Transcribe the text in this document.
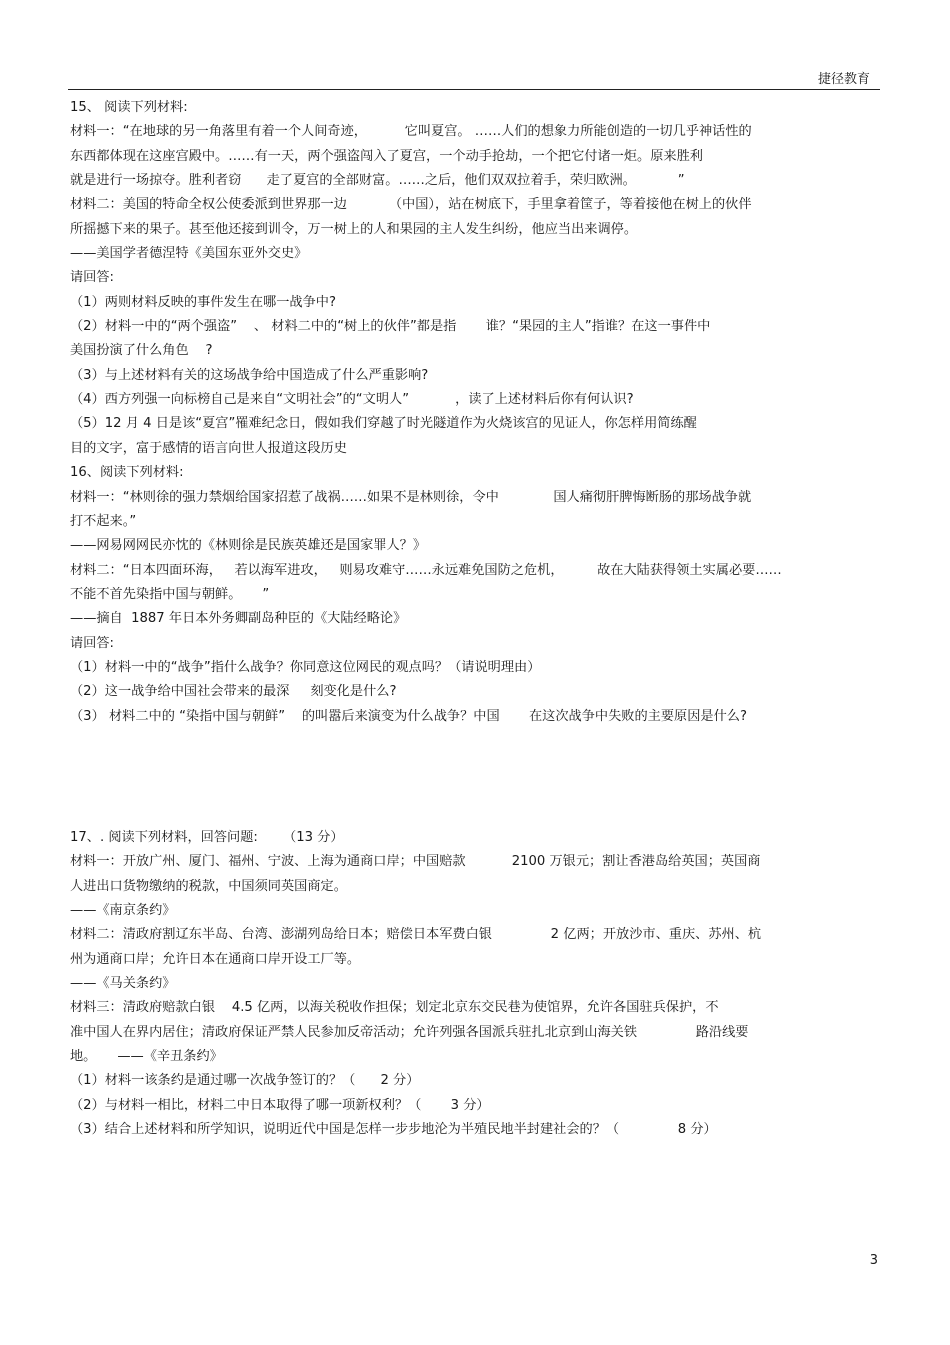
捷径教育
15、 阅读下列材料:
材料一：“在地球的另一角落里有着一个人间奇迹，         它叫夏宫。 ……人们的想象力所能创造的一切几乎神话性的
东西都体现在这座宫殿中。……有一天，两个强盗闯入了夏宫，一个动手抢劫，一个把它付诸一炬。原来胜利
就是进行一场掠夺。胜利者窃      走了夏宫的全部财富。……之后，他们双双拉着手，荣归欧洲。          ”
材料二：美国的特命全权公使委派到世界那一边          （中国），站在树底下，手里拿着筐子，等着接他在树上的伙伴
所摇撼下来的果子。甚至他还接到训令，万一树上的人和果园的主人发生纠纷，他应当出来调停。
——美国学者德涅特《美国东亚外交史》
请回答:
（1）两则材料反映的事件发生在哪一战争中?
（2）材料一中的“两个强盗”    、 材料二中的“树上的伙伴”都是指       谁？“果园的主人”指谁？在这一事件中
美国扮演了什么角色    ?
（3）与上述材料有关的这场战争给中国造成了什么严重影响?
（4）西方列强一向标榜自己是来自“文明社会”的“文明人”           ，读了上述材料后你有何认识?
（5）12 月 4 日是该“夏宫”罹难纪念日，假如我们穿越了时光隧道作为火烧该宫的见证人，你怎样用简练醒
目的文字，富于感情的语言向世人报道这段历史
16、阅读下列材料:
材料一：“林则徐的强力禁烟给国家招惹了战祸……如果不是林则徐，令中             国人痛彻肝脾悔断肠的那场战争就
打不起来。”
——网易网网民亦忱的《林则徐是民族英雄还是国家罪人？》
材料二：“日本四面环海，   若以海军进攻，   则易攻难守……永远难免国防之危机，        故在大陆获得领土实属必要……
不能不首先染指中国与朝鲜。     ”
——摘自  1887 年日本外务卿副岛种臣的《大陆经略论》
请回答:
（1）材料一中的“战争”指什么战争？你同意这位网民的观点吗？（请说明理由）
（2）这一战争给中国社会带来的最深     刻变化是什么?
（3） 材料二中的 “染指中国与朝鲜”    的叫嚣后来演变为什么战争？中国       在这次战争中失败的主要原因是什么?
17、. 阅读下列材料，回答问题:      （13 分）
材料一：开放广州、厦门、福州、宁波、上海为通商口岸；中国赔款           2100 万银元；割让香港岛给英国；英国商
人进出口货物缴纳的税款，中国须同英国商定。
——《南京条约》
材料二：清政府割辽东半岛、台湾、澎湖列岛给日本；赔偿日本军费白银              2 亿两；开放沙市、重庆、苏州、杭
州为通商口岸；允许日本在通商口岸开设工厂等。
——《马关条约》
材料三：清政府赔款白银    4.5 亿两，以海关税收作担保；划定北京东交民巷为使馆界，允许各国驻兵保护，不
准中国人在界内居住；清政府保证严禁人民参加反帝活动；允许列强各国派兵驻扎北京到山海关铁              路沿线要
地。     ——《辛丑条约》
（1）材料一该条约是通过哪一次战争签订的？（      2 分）
（2）与材料一相比，材料二中日本取得了哪一项新权利？（       3 分）
（3）结合上述材料和所学知识，说明近代中国是怎样一步步地沦为半殖民地半封建社会的？（              8 分）
3
